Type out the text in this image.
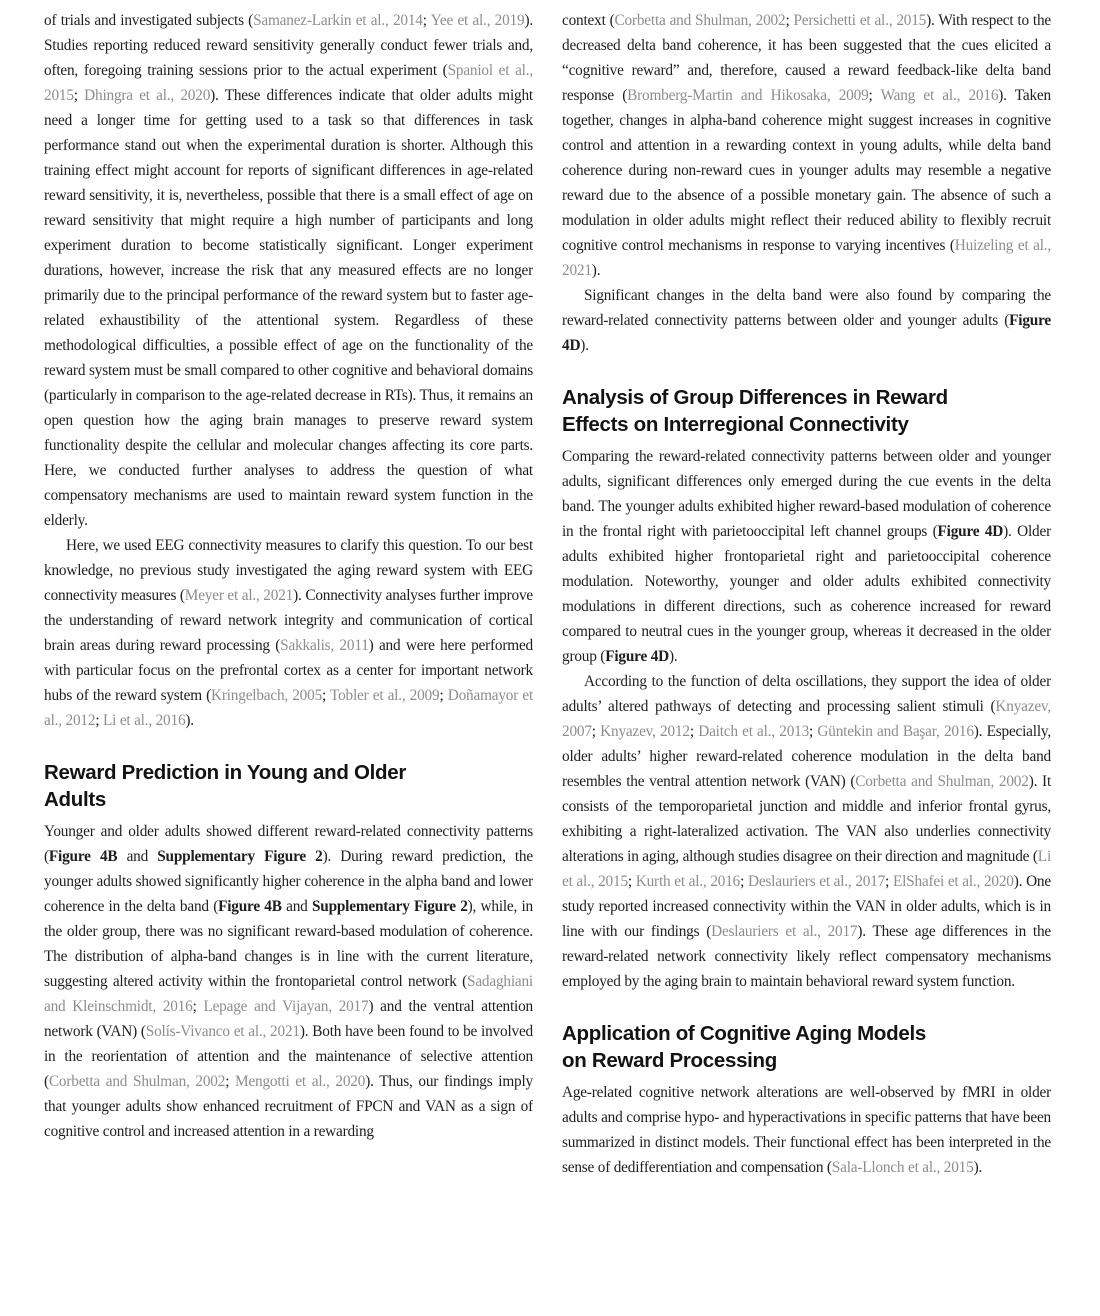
of trials and investigated subjects (Samanez-Larkin et al., 2014; Yee et al., 2019). Studies reporting reduced reward sensitivity generally conduct fewer trials and, often, foregoing training sessions prior to the actual experiment (Spaniol et al., 2015; Dhingra et al., 2020). These differences indicate that older adults might need a longer time for getting used to a task so that differences in task performance stand out when the experimental duration is shorter. Although this training effect might account for reports of significant differences in age-related reward sensitivity, it is, nevertheless, possible that there is a small effect of age on reward sensitivity that might require a high number of participants and long experiment duration to become statistically significant. Longer experiment durations, however, increase the risk that any measured effects are no longer primarily due to the principal performance of the reward system but to faster age-related exhaustibility of the attentional system. Regardless of these methodological difficulties, a possible effect of age on the functionality of the reward system must be small compared to other cognitive and behavioral domains (particularly in comparison to the age-related decrease in RTs). Thus, it remains an open question how the aging brain manages to preserve reward system functionality despite the cellular and molecular changes affecting its core parts. Here, we conducted further analyses to address the question of what compensatory mechanisms are used to maintain reward system function in the elderly.

Here, we used EEG connectivity measures to clarify this question. To our best knowledge, no previous study investigated the aging reward system with EEG connectivity measures (Meyer et al., 2021). Connectivity analyses further improve the understanding of reward network integrity and communication of cortical brain areas during reward processing (Sakkalis, 2011) and were here performed with particular focus on the prefrontal cortex as a center for important network hubs of the reward system (Kringelbach, 2005; Tobler et al., 2009; Doñamayor et al., 2012; Li et al., 2016).

Reward Prediction in Young and Older
Adults

Younger and older adults showed different reward-related connectivity patterns (Figure 4B and Supplementary Figure 2). During reward prediction, the younger adults showed significantly higher coherence in the alpha band and lower coherence in the delta band (Figure 4B and Supplementary Figure 2), while, in the older group, there was no significant reward-based modulation of coherence. The distribution of alpha-band changes is in line with the current literature, suggesting altered activity within the frontoparietal control network (Sadaghiani and Kleinschmidt, 2016; Lepage and Vijayan, 2017) and the ventral attention network (VAN) (Solís-Vivanco et al., 2021). Both have been found to be involved in the reorientation of attention and the maintenance of selective attention (Corbetta and Shulman, 2002; Mengotti et al., 2020). Thus, our findings imply that younger adults show enhanced recruitment of FPCN and VAN as a sign of cognitive control and increased attention in a rewarding

context (Corbetta and Shulman, 2002; Persichetti et al., 2015). With respect to the decreased delta band coherence, it has been suggested that the cues elicited a “cognitive reward” and, therefore, caused a reward feedback-like delta band response (Bromberg-Martin and Hikosaka, 2009; Wang et al., 2016). Taken together, changes in alpha-band coherence might suggest increases in cognitive control and attention in a rewarding context in young adults, while delta band coherence during non-reward cues in younger adults may resemble a negative reward due to the absence of a possible monetary gain. The absence of such a modulation in older adults might reflect their reduced ability to flexibly recruit cognitive control mechanisms in response to varying incentives (Huizeling et al., 2021).

Significant changes in the delta band were also found by comparing the reward-related connectivity patterns between older and younger adults (Figure 4D).

Analysis of Group Differences in Reward
Effects on Interregional Connectivity

Comparing the reward-related connectivity patterns between older and younger adults, significant differences only emerged during the cue events in the delta band. The younger adults exhibited higher reward-based modulation of coherence in the frontal right with parietooccipital left channel groups (Figure 4D). Older adults exhibited higher frontoparietal right and parietooccipital coherence modulation. Noteworthy, younger and older adults exhibited connectivity modulations in different directions, such as coherence increased for reward compared to neutral cues in the younger group, whereas it decreased in the older group (Figure 4D).

According to the function of delta oscillations, they support the idea of older adults’ altered pathways of detecting and processing salient stimuli (Knyazev, 2007; Knyazev, 2012; Daitch et al., 2013; Güntekin and Başar, 2016). Especially, older adults’ higher reward-related coherence modulation in the delta band resembles the ventral attention network (VAN) (Corbetta and Shulman, 2002). It consists of the temporoparietal junction and middle and inferior frontal gyrus, exhibiting a right-lateralized activation. The VAN also underlies connectivity alterations in aging, although studies disagree on their direction and magnitude (Li et al., 2015; Kurth et al., 2016; Deslauriers et al., 2017; ElShafei et al., 2020). One study reported increased connectivity within the VAN in older adults, which is in line with our findings (Deslauriers et al., 2017). These age differences in the reward-related network connectivity likely reflect compensatory mechanisms employed by the aging brain to maintain behavioral reward system function.

Application of Cognitive Aging Models
on Reward Processing

Age-related cognitive network alterations are well-observed by fMRI in older adults and comprise hypo- and hyperactivations in specific patterns that have been summarized in distinct models. Their functional effect has been interpreted in the sense of dedifferentiation and compensation (Sala-Llonch et al., 2015).
